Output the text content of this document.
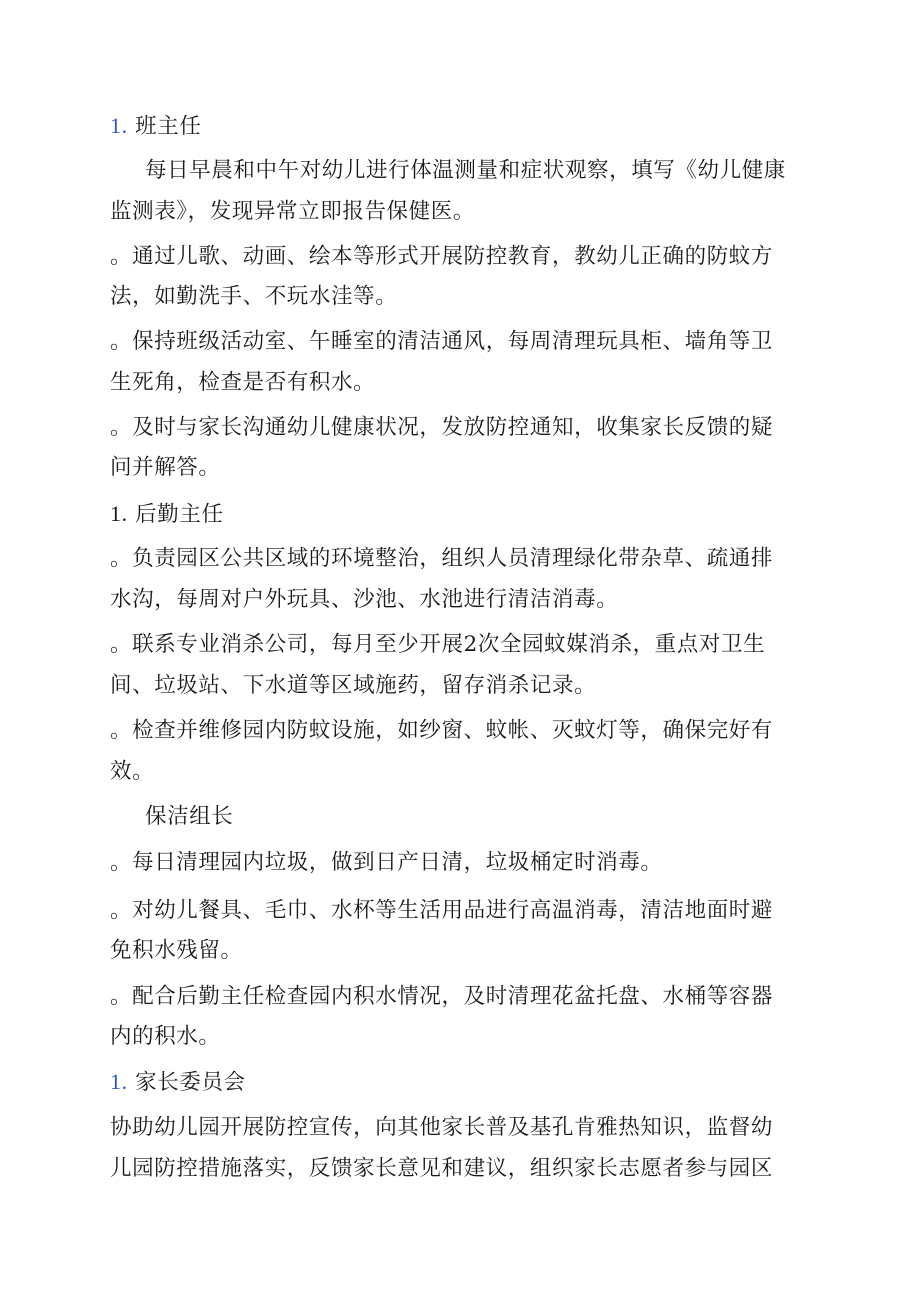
1. 班主任
每日早晨和中午对幼儿进行体温测量和症状观察，填写《幼儿健康
监测表》，发现异常立即报告保健医。
。通过儿歌、动画、绘本等形式开展防控教育，教幼儿正确的防蚊方
法，如勤洗手、不玩水洼等。
。保持班级活动室、午睡室的清洁通风，每周清理玩具柜、墙角等卫
生死角，检查是否有积水。
。及时与家长沟通幼儿健康状况，发放防控通知，收集家长反馈的疑
问并解答。
1. 后勤主任
。负责园区公共区域的环境整治，组织人员清理绿化带杂草、疏通排
水沟，每周对户外玩具、沙池、水池进行清洁消毒。
。联系专业消杀公司，每月至少开展2次全园蚊媒消杀，重点对卫生
间、垃圾站、下水道等区域施药，留存消杀记录。
。检查并维修园内防蚊设施，如纱窗、蚊帐、灭蚊灯等，确保完好有
效。
保洁组长
。每日清理园内垃圾，做到日产日清，垃圾桶定时消毒。
。对幼儿餐具、毛巾、水杯等生活用品进行高温消毒，清洁地面时避
免积水残留。
。配合后勤主任检查园内积水情况，及时清理花盆托盘、水桶等容器
内的积水。
1. 家长委员会
协助幼儿园开展防控宣传，向其他家长普及基孔肯雅热知识，监督幼
儿园防控措施落实，反馈家长意见和建议，组织家长志愿者参与园区
